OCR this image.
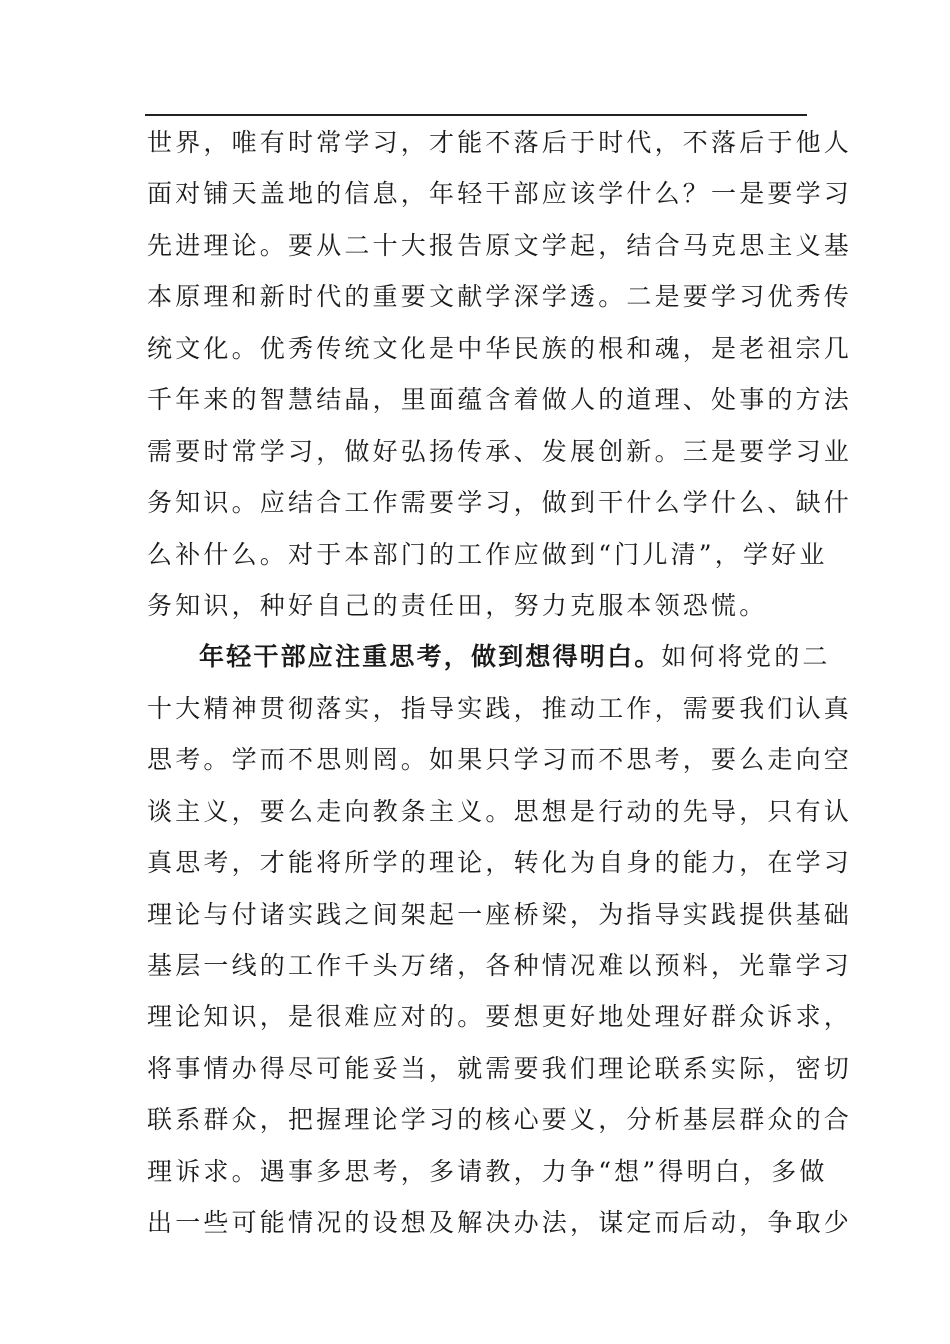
世界，唯有时常学习，才能不落后于时代，不落后于他人
面对铺天盖地的信息，年轻干部应该学什么？一是要学习
先进理论。要从二十大报告原文学起，结合马克思主义基
本原理和新时代的重要文献学深学透。二是要学习优秀传
统文化。优秀传统文化是中华民族的根和魂，是老祖宗几
千年来的智慧结晶，里面蕴含着做人的道理、处事的方法
需要时常学习，做好弘扬传承、发展创新。三是要学习业
务知识。应结合工作需要学习，做到干什么学什么、缺什
么补什么。对于本部门的工作应做到“门儿清”，学好业
务知识，种好自己的责任田，努力克服本领恐慌。
年轻干部应注重思考，做到想得明白。如何将党的二
十大精神贯彻落实，指导实践，推动工作，需要我们认真
思考。学而不思则罔。如果只学习而不思考，要么走向空
谈主义，要么走向教条主义。思想是行动的先导，只有认
真思考，才能将所学的理论，转化为自身的能力，在学习
理论与付诸实践之间架起一座桥梁，为指导实践提供基础
基层一线的工作千头万绪，各种情况难以预料，光靠学习
理论知识，是很难应对的。要想更好地处理好群众诉求，
将事情办得尽可能妥当，就需要我们理论联系实际，密切
联系群众，把握理论学习的核心要义，分析基层群众的合
理诉求。遇事多思考，多请教，力争“想”得明白，多做
出一些可能情况的设想及解决办法，谋定而后动，争取少
